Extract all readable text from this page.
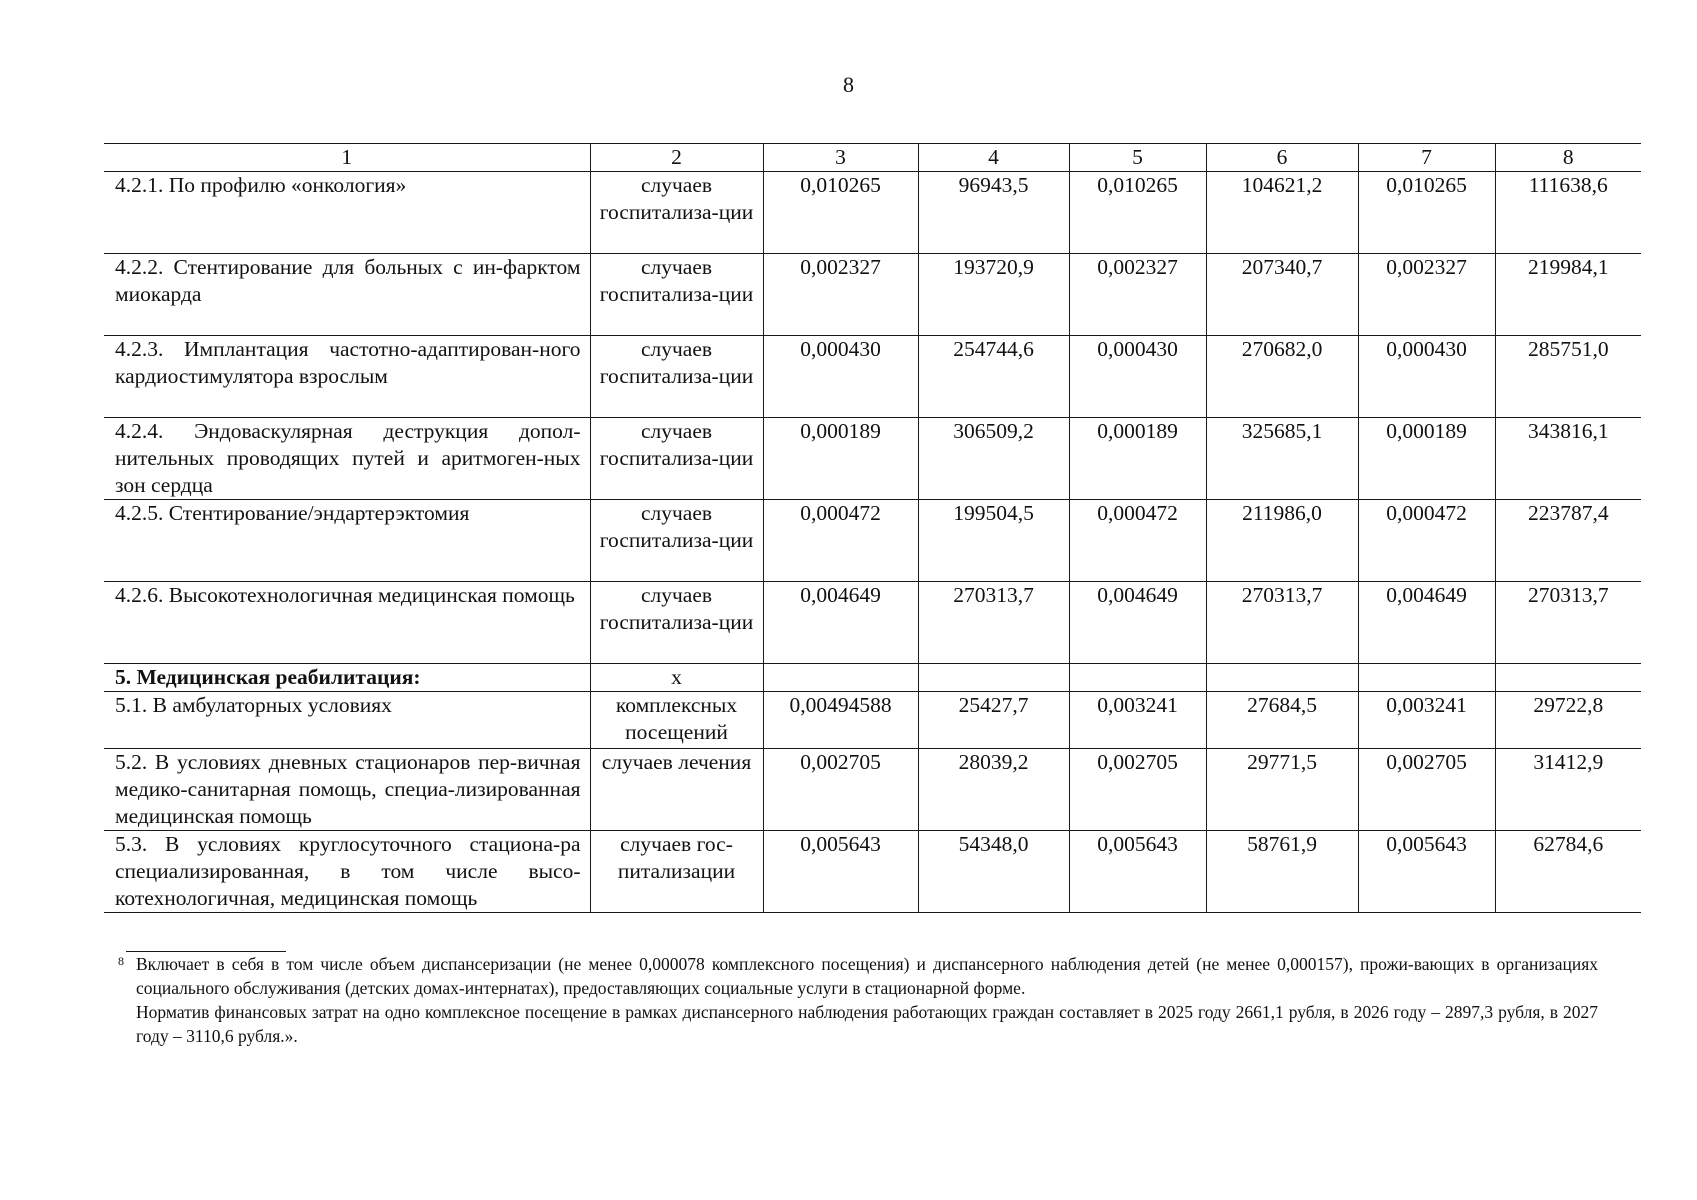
8
1	2	3	4	5	6	7	8
4.2.1. По профилю «онкология»	случаев госпитализа-ции	0,010265	96943,5	0,010265	104621,2	0,010265	111638,6
4.2.2. Стентирование для больных с ин-фарктом миокарда	случаев госпитализа-ции	0,002327	193720,9	0,002327	207340,7	0,002327	219984,1
4.2.3. Имплантация частотно-адаптирован-ного кардиостимулятора взрослым	случаев госпитализа-ции	0,000430	254744,6	0,000430	270682,0	0,000430	285751,0
4.2.4. Эндоваскулярная деструкция допол-нительных проводящих путей и аритмоген-ных зон сердца	случаев госпитализа-ции	0,000189	306509,2	0,000189	325685,1	0,000189	343816,1
4.2.5. Стентирование/эндартерэктомия	случаев госпитализа-ции	0,000472	199504,5	0,000472	211986,0	0,000472	223787,4
4.2.6. Высокотехнологичная медицинская помощь	случаев госпитализа-ции	0,004649	270313,7	0,004649	270313,7	0,004649	270313,7
5. Медицинская реабилитация:	х						
5.1. В амбулаторных условиях	комплексных посещений	0,00494588	25427,7	0,003241	27684,5	0,003241	29722,8
5.2. В условиях дневных стационаров пер-вичная медико-санитарная помощь, специа-лизированная медицинская помощь	случаев лечения	0,002705	28039,2	0,002705	29771,5	0,002705	31412,9
5.3. В условиях круглосуточного стациона-ра специализированная, в том числе высо-котехнологичная, медицинская помощь	случаев гос-питализации	0,005643	54348,0	0,005643	58761,9	0,005643	62784,6
8 Включает в себя в том числе объем диспансеризации (не менее 0,000078 комплексного посещения) и диспансерного наблюдения детей (не менее 0,000157), прожи-вающих в организациях социального обслуживания (детских домах-интернатах), предоставляющих социальные услуги в стационарной форме.

Норматив финансовых затрат на одно комплексное посещение в рамках диспансерного наблюдения работающих граждан составляет в 2025 году 2661,1 рубля, в 2026 году – 2897,3 рубля, в 2027 году – 3110,6 рубля.».
